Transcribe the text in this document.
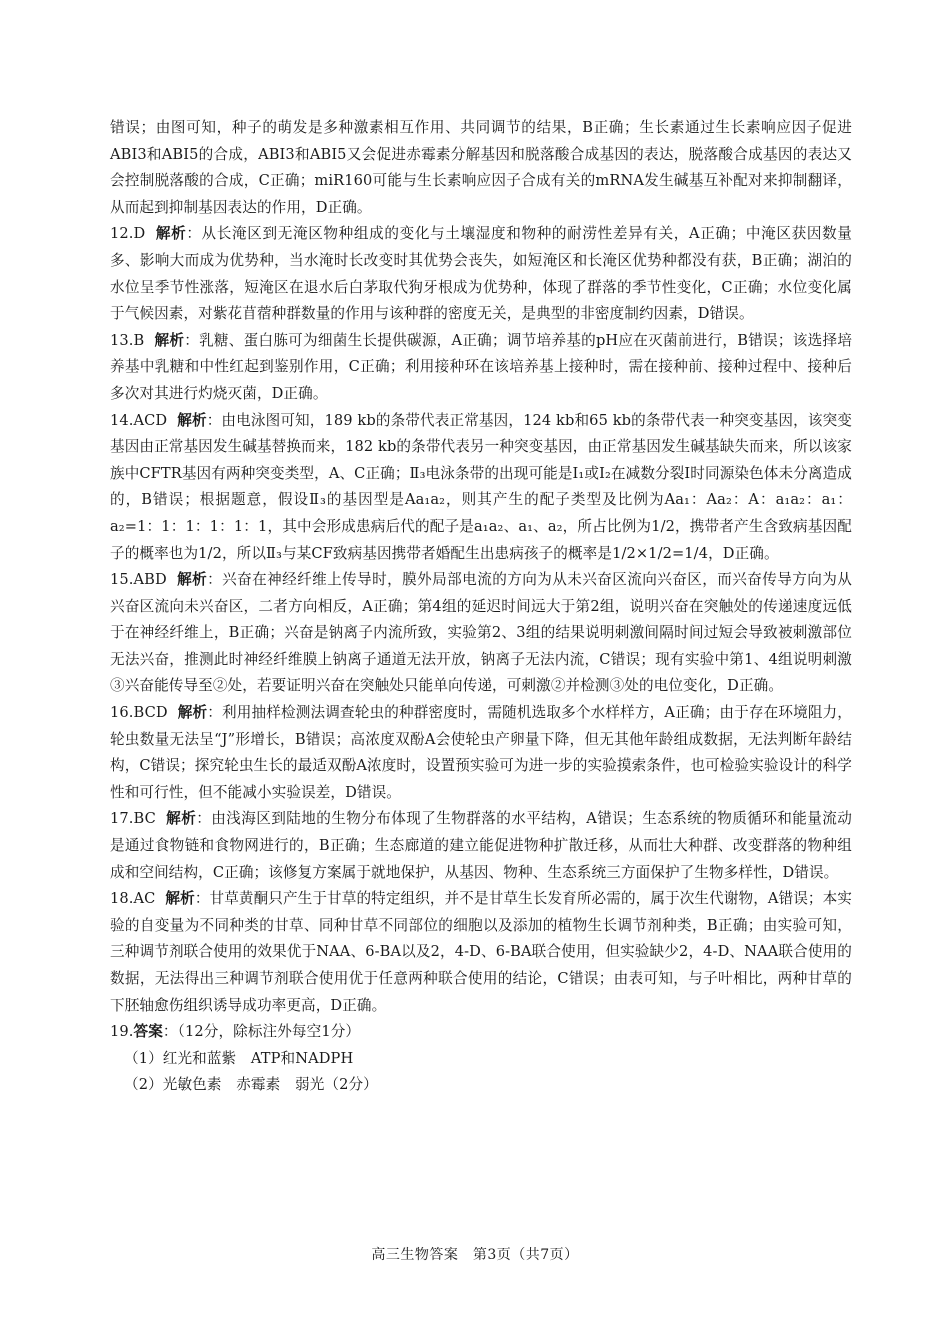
错误；由图可知，种子的萌发是多种激素相互作用、共同调节的结果，B正确；生长素通过生长素响应因子促进ABI3和ABI5的合成，ABI3和ABI5又会促进赤霉素分解基因和脱落酸合成基因的表达，脱落酸合成基因的表达又会控制脱落酸的合成，C正确；miR160可能与生长素响应因子合成有关的mRNA发生碱基互补配对来抑制翻译，从而起到抑制基因表达的作用，D正确。

12.D 解析：从长淹区到无淹区物种组成的变化与土壤湿度和物种的耐涝性差异有关，A正确；中淹区获因数量多、影响大而成为优势种，当水淹时长改变时其优势会丧失，如短淹区和长淹区优势种都没有获，B正确；湖泊的水位呈季节性涨落，短淹区在退水后白茅取代狗牙根成为优势种，体现了群落的季节性变化，C正确；水位变化属于气候因素，对紫花苜蓿种群数量的作用与该种群的密度无关，是典型的非密度制约因素，D错误。

13.B 解析：乳糖、蛋白胨可为细菌生长提供碳源，A正确；调节培养基的pH应在灭菌前进行，B错误；该选择培养基中乳糖和中性红起到鉴别作用，C正确；利用接种环在该培养基上接种时，需在接种前、接种过程中、接种后多次对其进行灼烧灭菌，D正确。

14.ACD 解析：由电泳图可知，189 kb的条带代表正常基因，124 kb和65 kb的条带代表一种突变基因，该突变基因由正常基因发生碱基替换而来，182 kb的条带代表另一种突变基因，由正常基因发生碱基缺失而来，所以该家族中CFTR基因有两种突变类型，A、C正确；Ⅱ₃电泳条带的出现可能是Ⅰ₁或Ⅰ₂在减数分裂Ⅰ时同源染色体未分离造成的，B错误；根据题意，假设Ⅱ₃的基因型是Aa₁a₂，则其产生的配子类型及比例为Aa₁：Aa₂：A：a₁a₂：a₁：a₂=1：1：1：1：1：1，其中会形成患病后代的配子是a₁a₂、a₁、a₂，所占比例为1/2，携带者产生含致病基因配子的概率也为1/2，所以Ⅱ₃与某CF致病基因携带者婚配生出患病孩子的概率是1/2×1/2=1/4，D正确。

15.ABD 解析：兴奋在神经纤维上传导时，膜外局部电流的方向为从未兴奋区流向兴奋区，而兴奋传导方向为从兴奋区流向未兴奋区，二者方向相反，A正确；第4组的延迟时间远大于第2组，说明兴奋在突触处的传递速度远低于在神经纤维上，B正确；兴奋是钠离子内流所致，实验第2、3组的结果说明刺激间隔时间过短会导致被刺激部位无法兴奋，推测此时神经纤维膜上钠离子通道无法开放，钠离子无法内流，C错误；现有实验中第1、4组说明刺激③兴奋能传导至②处，若要证明兴奋在突触处只能单向传递，可刺激②并检测③处的电位变化，D正确。

16.BCD 解析：利用抽样检测法调查轮虫的种群密度时，需随机选取多个水样样方，A正确；由于存在环境阻力，轮虫数量无法呈“J”形增长，B错误；高浓度双酚A会使轮虫产卵量下降，但无其他年龄组成数据，无法判断年龄结构，C错误；探究轮虫生长的最适双酚A浓度时，设置预实验可为进一步的实验摸索条件，也可检验实验设计的科学性和可行性，但不能减小实验误差，D错误。

17.BC 解析：由浅海区到陆地的生物分布体现了生物群落的水平结构，A错误；生态系统的物质循环和能量流动是通过食物链和食物网进行的，B正确；生态廊道的建立能促进物种扩散迁移，从而壮大种群、改变群落的物种组成和空间结构，C正确；该修复方案属于就地保护，从基因、物种、生态系统三方面保护了生物多样性，D错误。

18.AC 解析：甘草黄酮只产生于甘草的特定组织，并不是甘草生长发育所必需的，属于次生代谢物，A错误；本实验的自变量为不同种类的甘草、同种甘草不同部位的细胞以及添加的植物生长调节剂种类，B正确；由实验可知，三种调节剂联合使用的效果优于NAA、6-BA以及2，4-D、6-BA联合使用，但实验缺少2，4-D、NAA联合使用的数据，无法得出三种调节剂联合使用优于任意两种联合使用的结论，C错误；由表可知，与子叶相比，两种甘草的下胚轴愈伤组织诱导成功率更高，D正确。

19.答案：（12分，除标注外每空1分）

（1）红光和蓝紫　ATP和NADPH

（2）光敏色素　赤霉素　弱光（2分）

高三生物答案　第3页（共7页）
